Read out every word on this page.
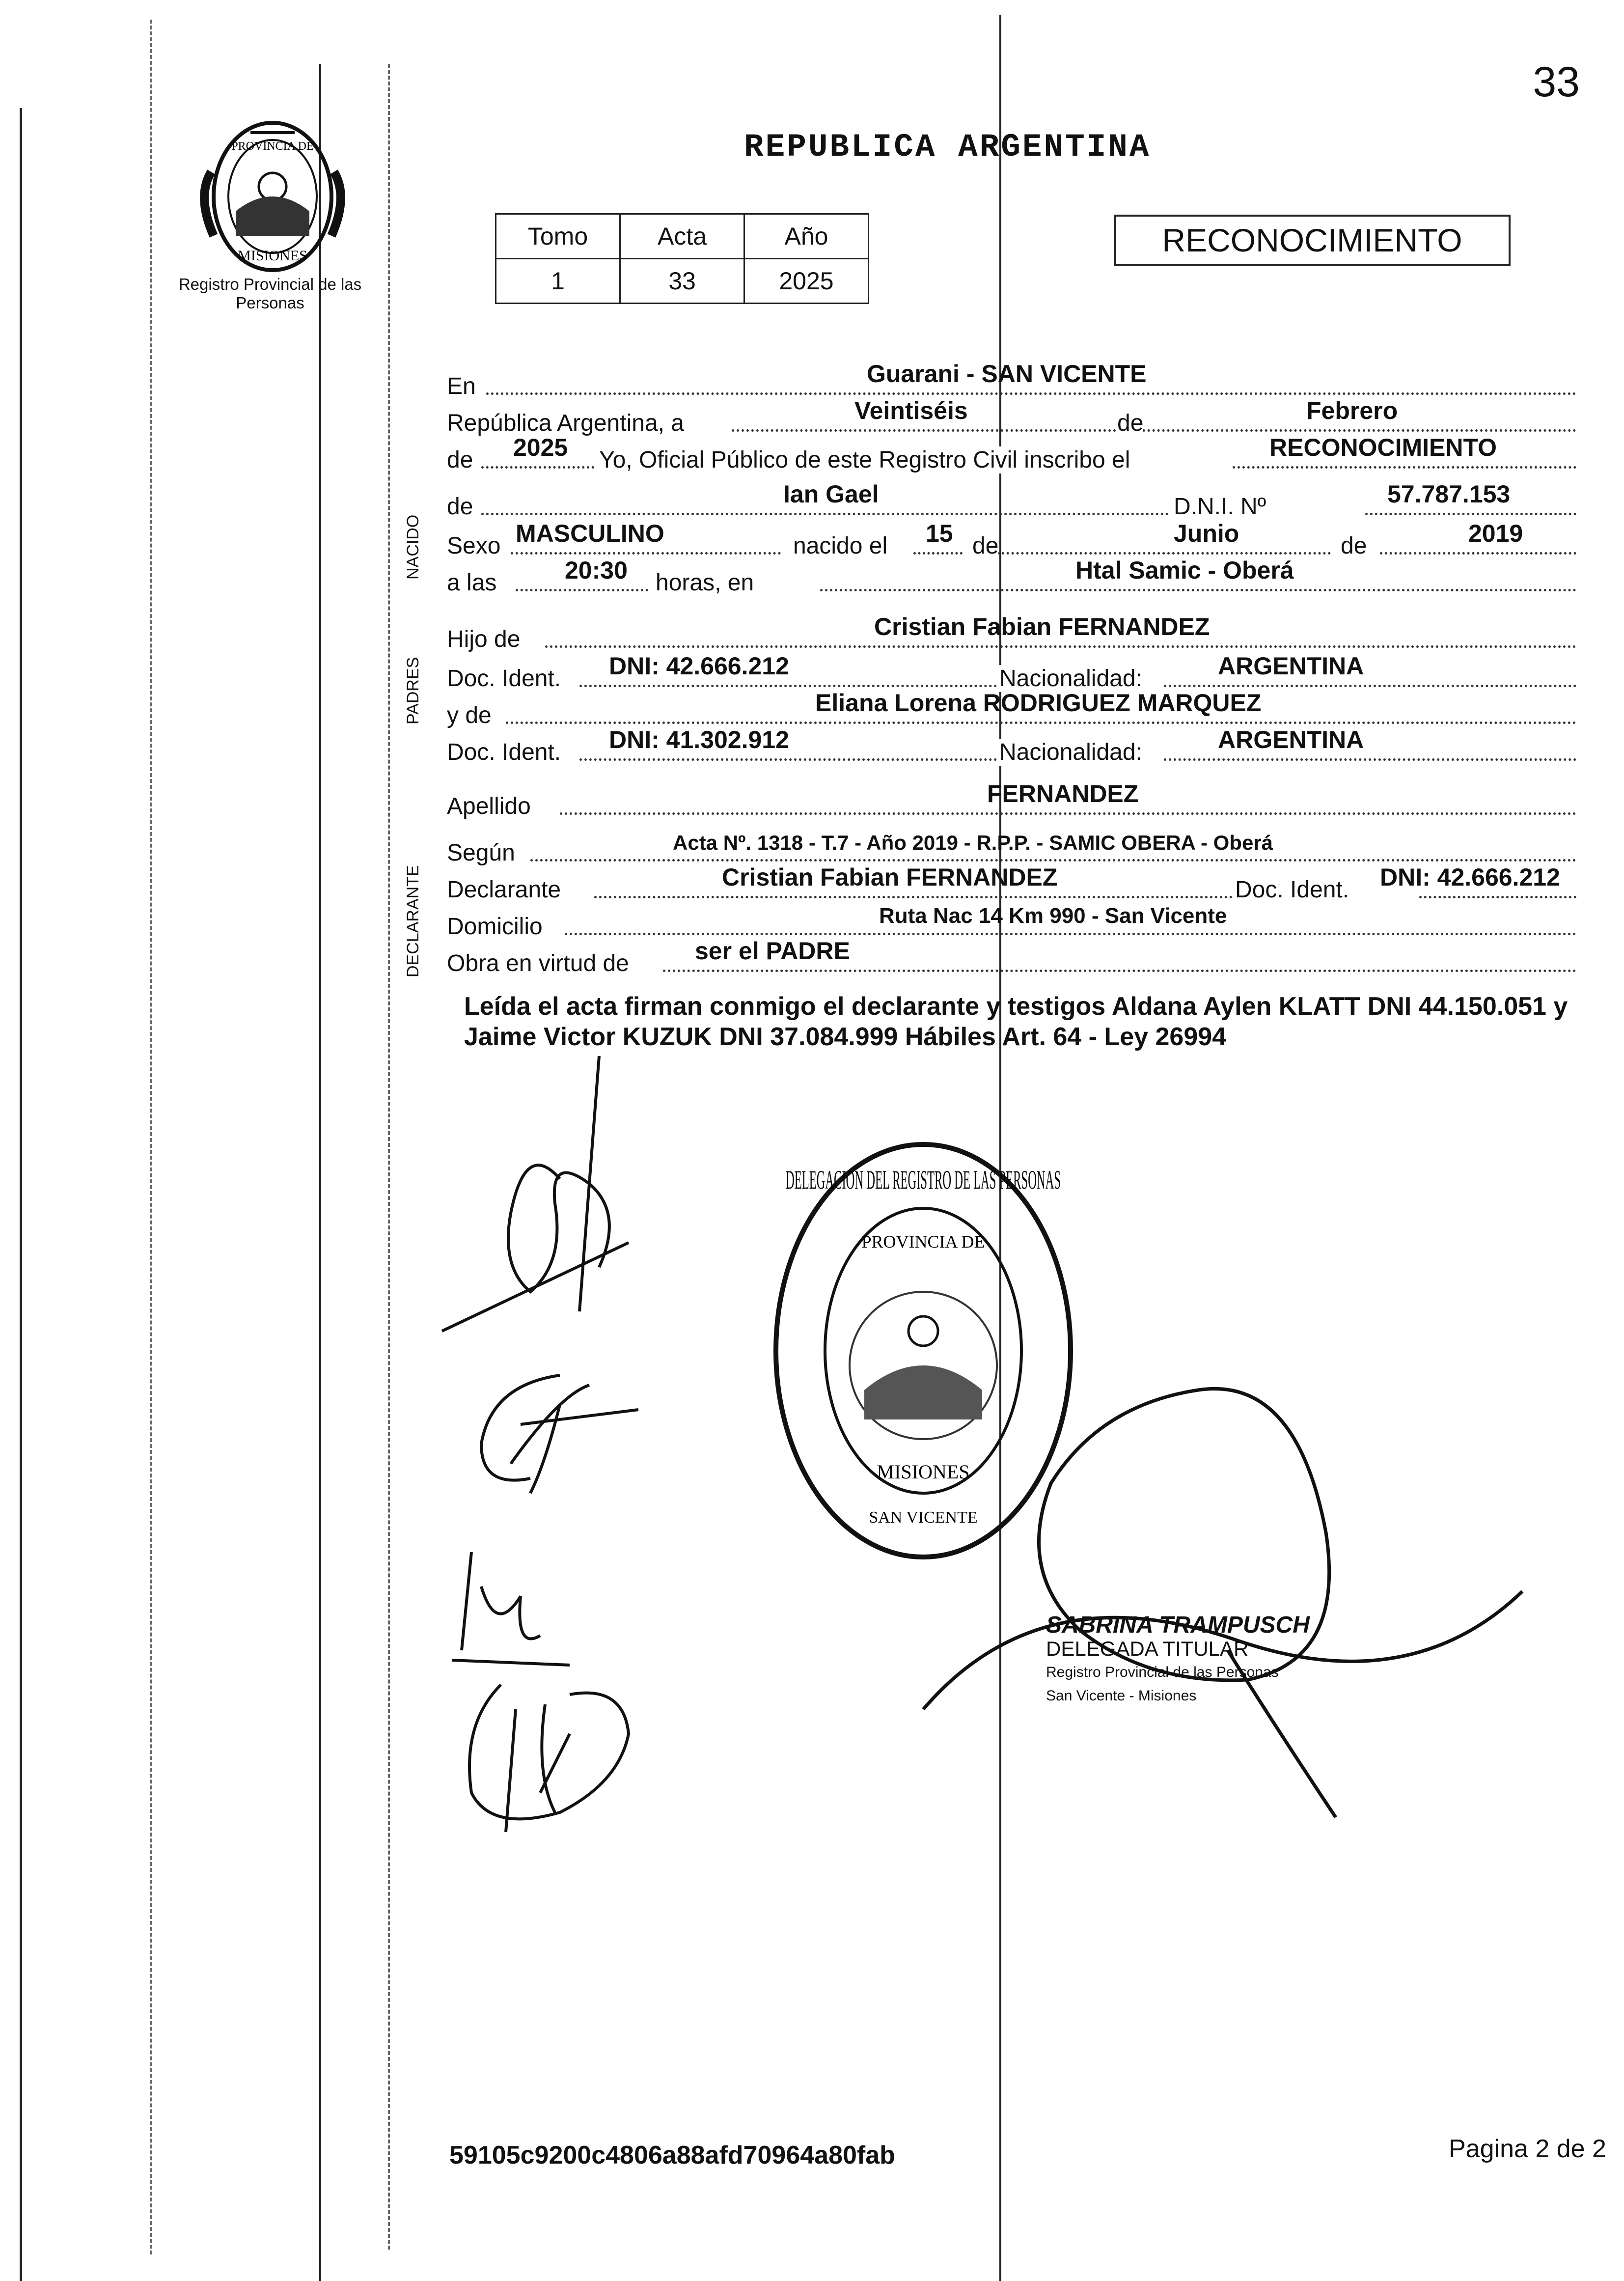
33
PROVINCIA DE
MISIONES
Registro Provincial de las Personas
REPUBLICA ARGENTINA
Tomo	Acta	Año
1	33	2025
RECONOCIMIENTO
NACIDO
PADRES
DECLARANTE
En	Guarani - SAN VICENTE
República Argentina, a	Veintiséis	de	Febrero
de 2025 Yo, Oficial Público de este Registro Civil inscribo el	RECONOCIMIENTO
de	Ian Gael	D.N.I. Nº	57.787.153
Sexo MASCULINO	nacido el 15 de	Junio	de	2019
a las	20:30 horas, en	Htal Samic - Oberá
Hijo de	Cristian Fabian FERNANDEZ
Doc. Ident. DNI: 42.666.212	Nacionalidad:	ARGENTINA
y de	Eliana Lorena RODRIGUEZ MARQUEZ
Doc. Ident. DNI: 41.302.912	Nacionalidad:	ARGENTINA
Apellido	FERNANDEZ
Según	Acta Nº. 1318 - T.7 - Año 2019 - R.P.P. - SAMIC OBERA - Oberá
Declarante	Cristian Fabian FERNANDEZ	Doc. Ident. DNI: 42.666.212
Domicilio	Ruta Nac 14 Km 990 - San Vicente
Obra en virtud de	ser el PADRE
Leída el acta firman conmigo el declarante y testigos Aldana Aylen KLATT DNI 44.150.051 y Jaime Victor KUZUK DNI 37.084.999 Hábiles Art. 64 - Ley 26994
DELEGACION DEL REGISTRO DE LAS PERSONAS
PROVINCIA DE
MISIONES
SAN VICENTE
SABRINA TRAMPUSCH
DELEGADA TITULAR
Registro Provincial de las Personas
San Vicente - Misiones
59105c9200c4806a88afd70964a80fab	Pagina 2 de 2
